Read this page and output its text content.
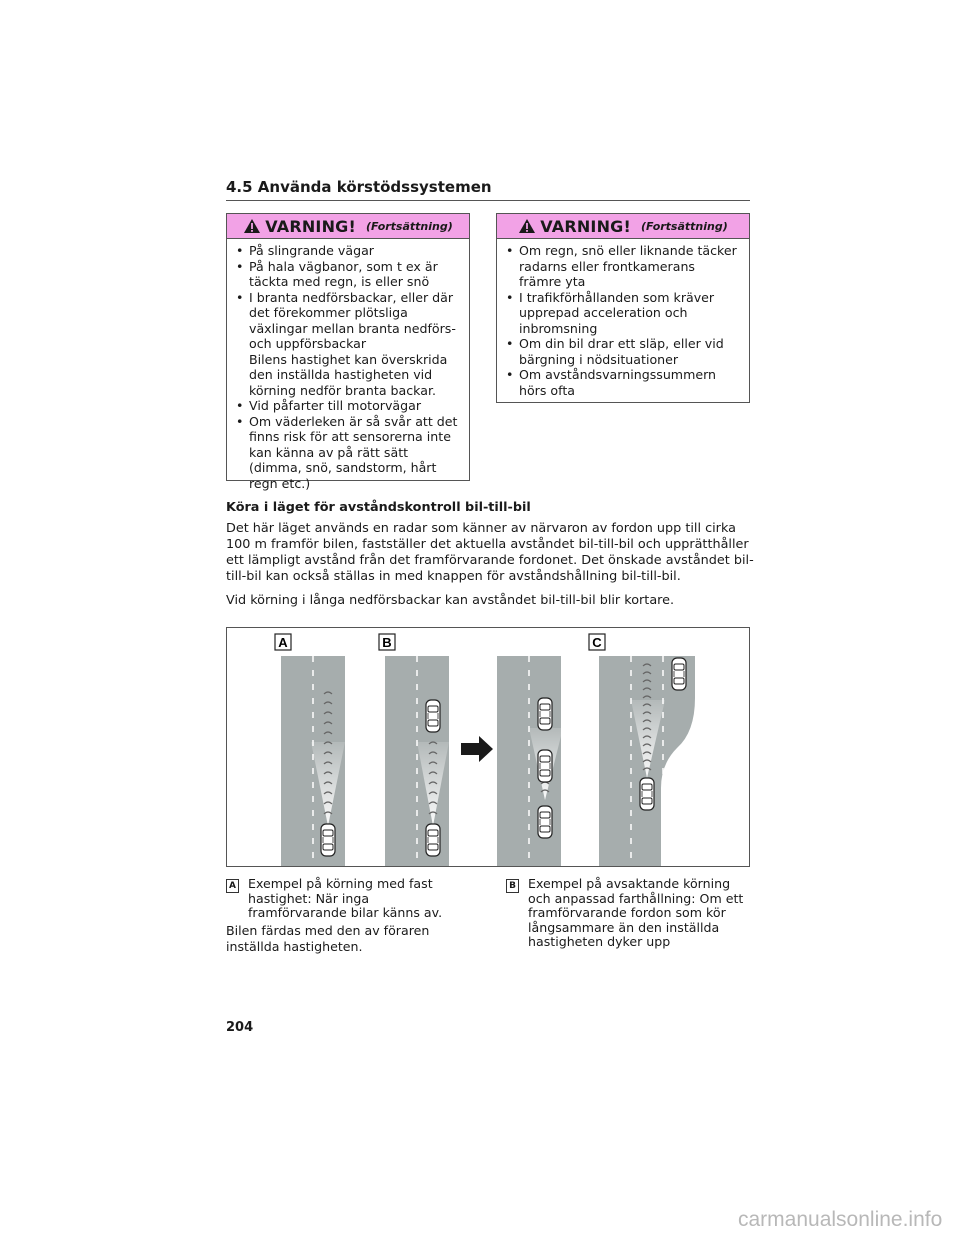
4.5 Använda körstödssystemen
VARNING! (Fortsättning)
• På slingrande vägar
• På hala vägbanor, som t ex är täckta med regn, is eller snö
• I branta nedförsbackar, eller där det förekommer plötsliga växlingar mellan branta nedförs- och uppförsbackar
Bilens hastighet kan överskrida den inställda hastigheten vid körning nedför branta backar.
• Vid påfarter till motorvägar
• Om väderleken är så svår att det finns risk för att sensorerna inte kan känna av på rätt sätt (dimma, snö, sandstorm, hårt regn etc.)
VARNING! (Fortsättning)
• Om regn, snö eller liknande täcker radarns eller frontkamerans främre yta
• I trafikförhållanden som kräver upprepad acceleration och inbromsning
• Om din bil drar ett släp, eller vid bärgning i nödsituationer
• Om avståndsvarningssummern hörs ofta
Köra i läget för avståndskontroll bil-till-bil
Det här läget används en radar som känner av närvaron av fordon upp till cirka 100 m framför bilen, fastställer det aktuella avståndet bil-till-bil och upprätthåller ett lämpligt avstånd från det framförvarande fordonet. Det önskade avståndet bil-till-bil kan också ställas in med knappen för avståndshållning bil-till-bil.
Vid körning i långa nedförsbackar kan avståndet bil-till-bil blir kortare.
A	B	C
A Exempel på körning med fast hastighet: När inga framförvarande bilar känns av.
Bilen färdas med den av föraren inställda hastigheten.
B Exempel på avsaktande körning och anpassad farthållning: Om ett framförvarande fordon som kör långsammare än den inställda hastigheten dyker upp
204
carmanualsonline.info
